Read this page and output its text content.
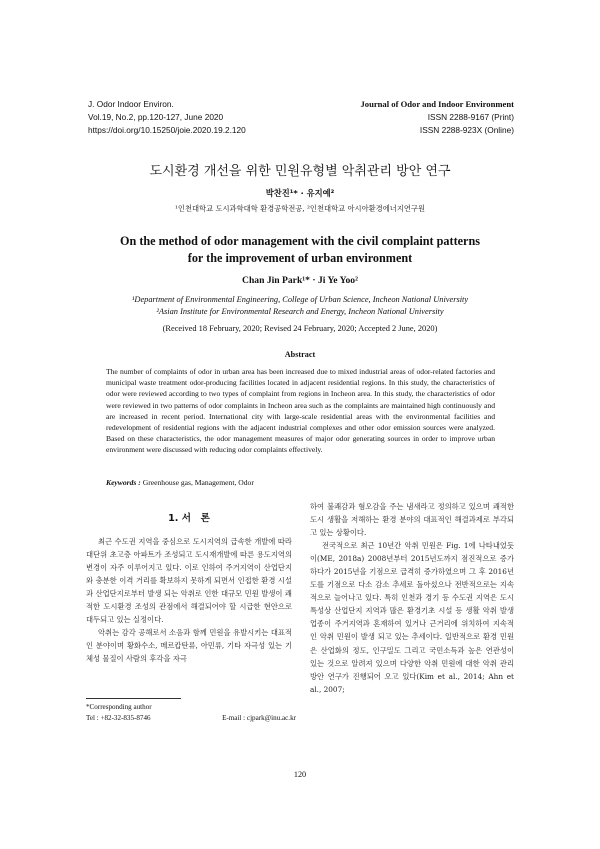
J. Odor Indoor Environ.
Vol.19, No.2, pp.120-127, June 2020
https://doi.org/10.15250/joie.2020.19.2.120
Journal of Odor and Indoor Environment
ISSN 2288-9167 (Print)
ISSN 2288-923X (Online)
도시환경 개선을 위한 민원유형별 악취관리 방안 연구
박찬진¹* · 유지예²
¹인천대학교 도시과학대학 환경공학전공, ²인천대학교 아시아환경에너지연구원
On the method of odor management with the civil complaint patterns
for the improvement of urban environment
Chan Jin Park¹* · Ji Ye Yoo²
¹Department of Environmental Engineering, College of Urban Science, Incheon National University
²Asian Institute for Environmental Research and Energy, Incheon National University
(Received 18 February, 2020; Revised 24 February, 2020; Accepted 2 June, 2020)
Abstract
The number of complaints of odor in urban area has been increased due to mixed industrial areas of odor-related factories and municipal waste treatment odor-producing facilities located in adjacent residential regions. In this study, the characteristics of odor were reviewed according to two types of complaint from regions in Incheon area. In this study, the characteristics of odor were reviewed in two patterns of odor complaints in Incheon area such as the complaints are maintained high continuously and are increased in recent period. International city with large-scale residential areas with the environmental facilities and redevelopment of residential regions with the adjacent industrial complexes and other odor emission sources were analyzed. Based on these characteristics, the odor management measures of major odor generating sources in order to improve urban environment were discussed with reducing odor complaints effectively.
Keywords : Greenhouse gas, Management, Odor
1. 서　론

최근 수도권 지역을 중심으로 도시지역의 급속한 개발에 따라 대단위 초고층 아파트가 조성되고 도시재개발에 따른 용도지역의 변경이 자주 이루어지고 있다. 이로 인하여 주거지역이 산업단지와 충분한 이격 거리를 확보하지 못하게 되면서 인접한 환경 시설과 산업단지로부터 발생 되는 악취로 인한 대규모 민원 발생이 쾌적한 도시환경 조성의 관점에서 해결되어야 할 시급한 현안으로 대두되고 있는 실정이다.

악취는 감각 공해로서 소음과 함께 민원을 유발시키는 대표적인 분야이며 황화수소, 메르캅탄류, 아민류, 기타 자극성 있는 기체성 물질이 사람의 후각을 자극

하여 불쾌감과 혐오감을 주는 냄새라고 정의하고 있으며 쾌적한 도시 생활을 저해하는 환경 분야의 대표적인 해결과제로 부각되고 있는 상황이다.

전국적으로 최근 10년간 악취 민원은 Fig. 1에 나타내었듯이(ME, 2018a) 2008년부터 2015년도까지 점진적으로 증가하다가 2015년을 기점으로 급격히 증가하였으며 그 후 2016년도를 기점으로 다소 감소 추세로 돌아섰으나 전반적으로는 지속적으로 늘어나고 있다. 특히 인천과 경기 등 수도권 지역은 도시 특성상 산업단지 지역과 많은 환경기초 시설 등 생활 악취 발생 업종이 주거지역과 혼재하여 있거나 근거리에 위치하여 지속적인 악취 민원이 발생 되고 있는 추세이다. 일반적으로 환경 민원은 산업화의 정도, 인구밀도 그리고 국민소득과 높은 연관성이 있는 것으로 알려져 있으며 다양한 악취 민원에 대한 악취 관리방안 연구가 진행되어 오고 있다(Kim et al., 2014; Ahn et al., 2007;

*Corresponding author
Tel : +82-32-835-8746	E-mail : cjpark@inu.ac.kr
120
